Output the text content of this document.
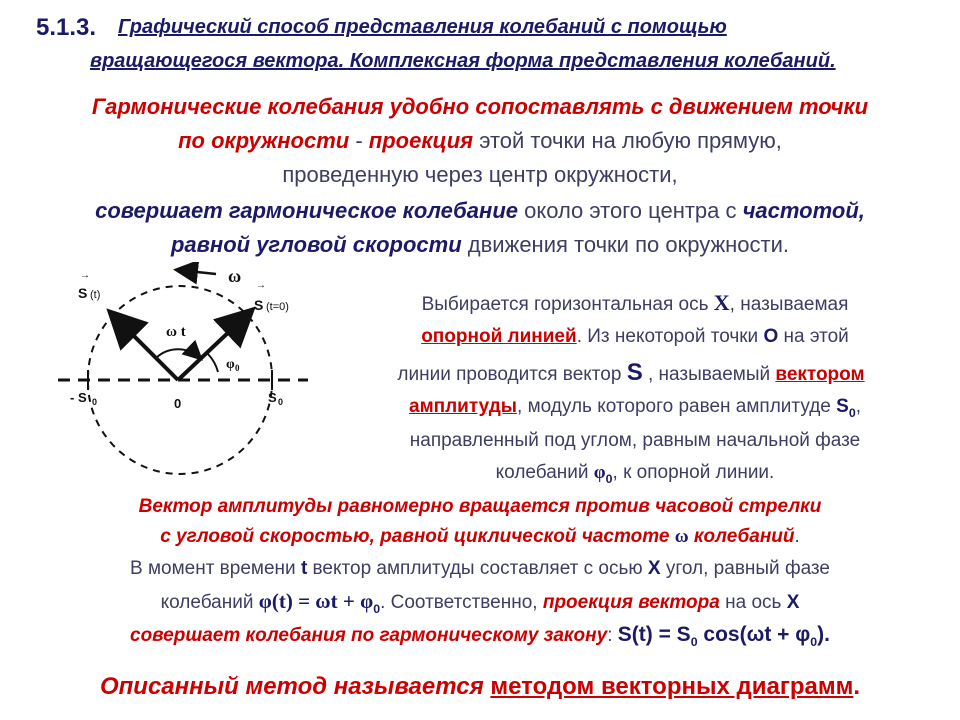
5.1.3. Графический способ представления колебаний с помощью
вращающегося вектора. Комплексная форма представления колебаний.
Гармонические колебания удобно сопоставлять с движением точки
по окружности - проекция этой точки на любую прямую,
проведенную через центр окружности,
совершает гармоническое колебание около этого центра с частотой,
равной угловой скорости движения точки по окружности.
ω
→
S (t)
→
S (t=0)
ω t
φ 0
- S 0	0	S 0
Выбирается горизонтальная ось X, называемая
опорной линией. Из некоторой точки O на этой
линии проводится вектор S , называемый вектором
амплитуды, модуль которого равен амплитуде $S_0$,
направленный под углом, равным начальной фазе
колебаний $\varphi_0$, к опорной линии.
Вектор амплитуды равномерно вращается против часовой стрелки
с угловой скоростью, равной циклической частоте ω колебаний.
В момент времени t вектор амплитуды составляет с осью X угол, равный фазе
колебаний $\varphi(t) = \omega t + \varphi_0$. Соответственно, проекция вектора на ось X
совершает колебания по гармоническому закону: $S(t) = S_0$ $\cos(\omega t + \varphi_0)$.
Описанный метод называется методом векторных диаграмм.
